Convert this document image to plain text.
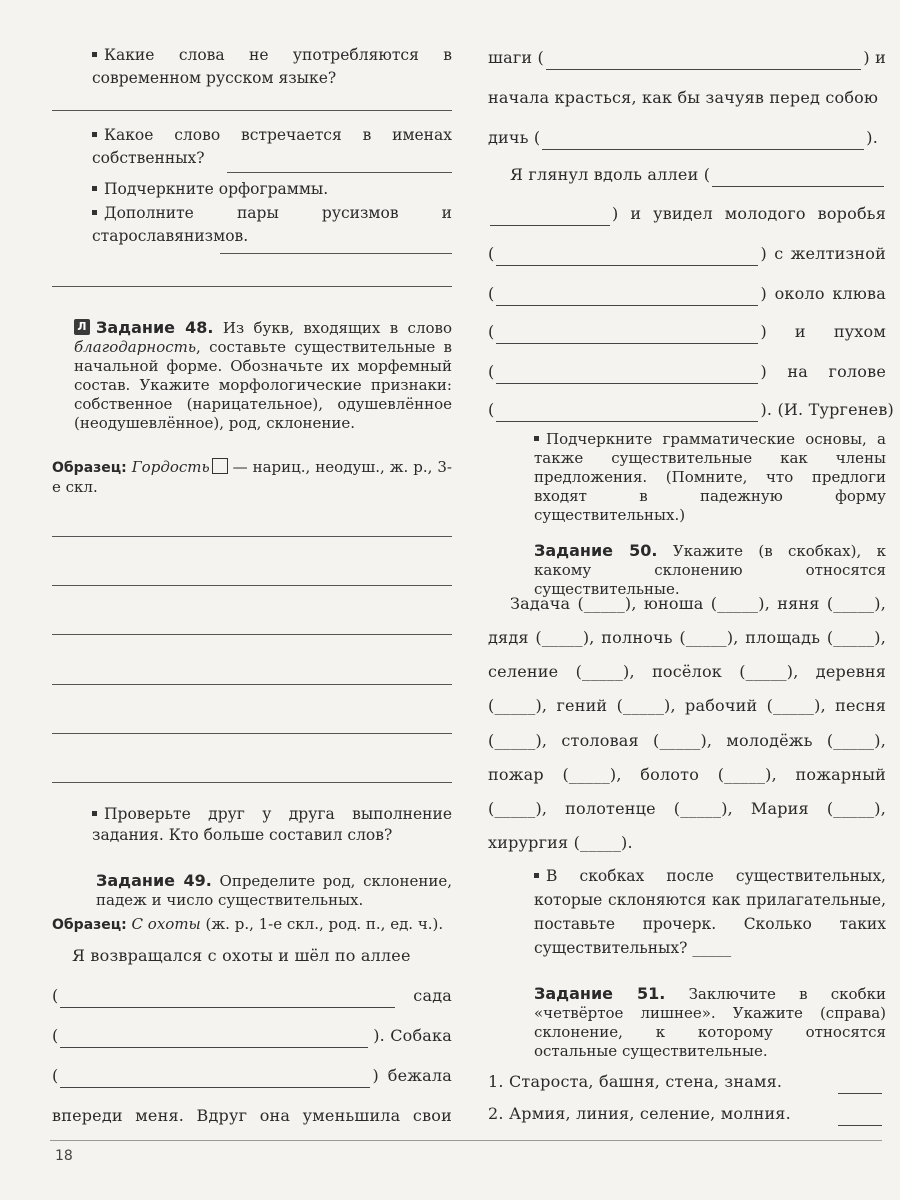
Какие слова не употребляются в современном русском языке?
Какое слово встречается в именах собственных?
Подчеркните орфограммы.
Дополните пары русизмов и старославянизмов.
Л Задание 48. Из букв, входящих в слово благодарность, составьте существительные в начальной форме. Обозначьте их морфемный состав. Укажите морфологические признаки: собственное (нарицательное), одушевлённое (неодушевлённое), род, склонение.
Образец: Гордость — нариц., неодуш., ж. р., 3-е скл.
Проверьте друг у друга выполнение задания. Кто больше составил слов?
Задание 49. Определите род, склонение, падеж и число существительных.
Образец: С охоты (ж. р., 1-е скл., род. п., ед. ч.).
Я возвращался с охоты и шёл по аллее
(	сада
(	). Собака
(	) бежала
впереди меня. Вдруг она уменьшила свои
шаги (	) и
начала красться, как бы зачуяв перед собою
дичь (	).
Я глянул вдоль аллеи (
) и увидел молодого воробья
(	) с желтизной
(	) около клюва
(	)	и	пухом
(	)	на	голове
(	). (И. Тургенев)
Подчеркните грамматические основы, а также существительные как члены предложения. (Помните, что предлоги входят в падежную форму существительных.)
Задание 50. Укажите (в скобках), к какому склонению относятся существительные.
Задача (_____), юноша (_____), няня (_____),
дядя (_____), полночь (_____), площадь (_____),
селение (_____), посёлок (_____), деревня
(_____), гений (_____), рабочий (_____), песня
(_____), столовая (_____), молодёжь (_____),
пожар (_____), болото (_____), пожарный
(_____), полотенце (_____), Мария (_____),
хирургия (_____).
В скобках после существительных, которые склоняются как прилагательные, поставьте прочерк. Сколько таких существительных? _____
Задание 51. Заключите в скобки «четвёртое лишнее». Укажите (справа) склонение, к которому относятся остальные существительные.
1. Староста, башня, стена, знамя.
2. Армия, линия, селение, молния.
18
